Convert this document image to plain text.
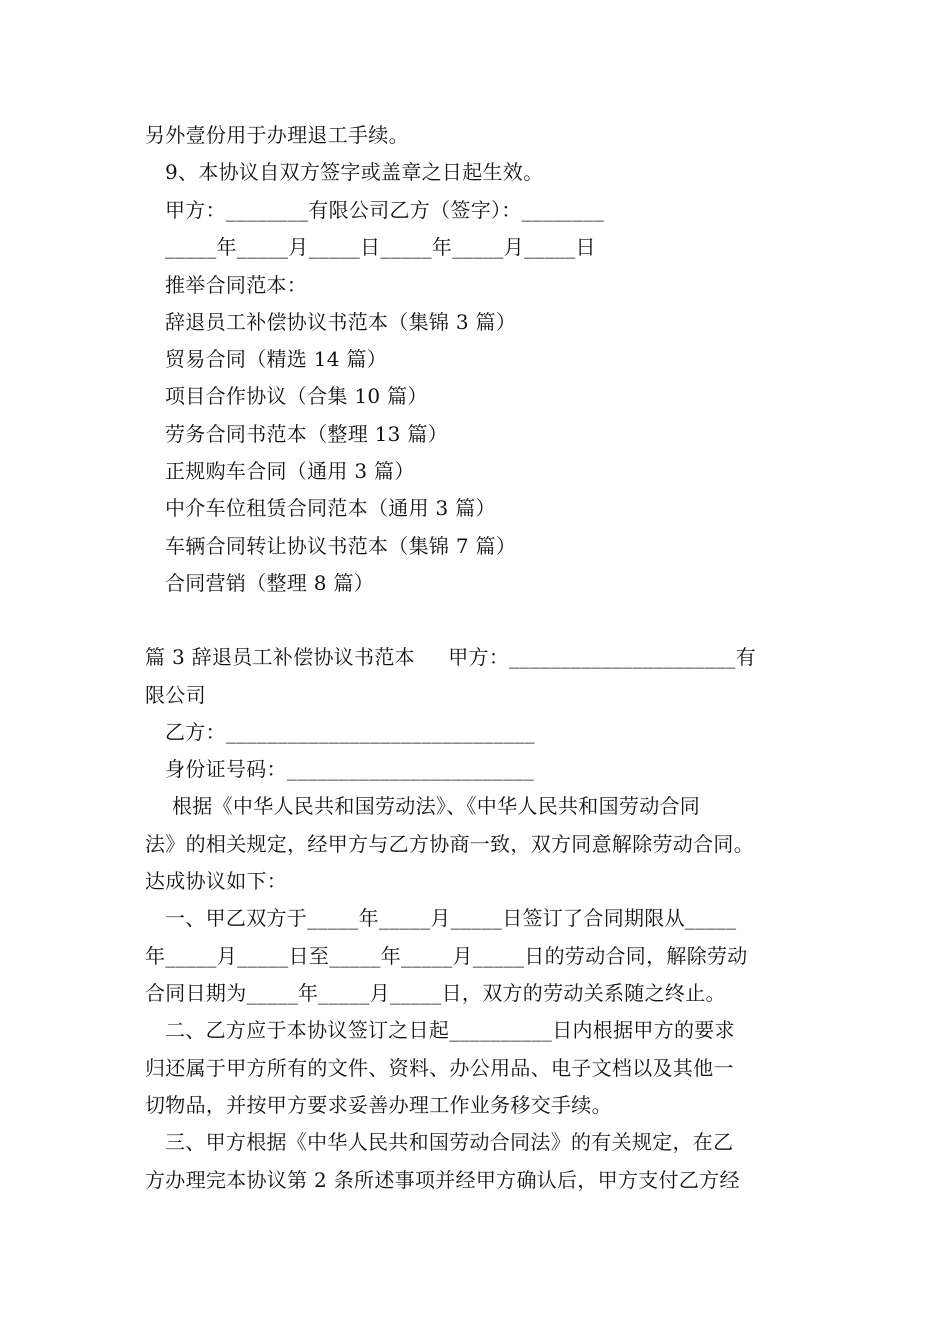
另外壹份用于办理退工手续。
9、本协议自双方签字或盖章之日起生效。
甲方：________有限公司乙方（签字）：________
_____年_____月_____日_____年_____月_____日
推举合同范本：
辞退员工补偿协议书范本（集锦 3 篇）
贸易合同（精选 14 篇）
项目合作协议（合集 10 篇）
劳务合同书范本（整理 13 篇）
正规购车合同（通用 3 篇）
中介车位租赁合同范本（通用 3 篇）
车辆合同转让协议书范本（集锦 7 篇）
合同营销（整理 8 篇）
篇 3 辞退员工补偿协议书范本     甲方：______________________有
限公司
乙方：______________________________
身份证号码：________________________
根据《中华人民共和国劳动法》、《中华人民共和国劳动合同
法》的相关规定，经甲方与乙方协商一致，双方同意解除劳动合同。
达成协议如下：
一、甲乙双方于_____年_____月_____日签订了合同期限从_____
年_____月_____日至_____年_____月_____日的劳动合同，解除劳动
合同日期为_____年_____月_____日，双方的劳动关系随之终止。
二、乙方应于本协议签订之日起__________日内根据甲方的要求
归还属于甲方所有的文件、资料、办公用品、电子文档以及其他一
切物品，并按甲方要求妥善办理工作业务移交手续。
三、甲方根据《中华人民共和国劳动合同法》的有关规定，在乙
方办理完本协议第 2 条所述事项并经甲方确认后，甲方支付乙方经
